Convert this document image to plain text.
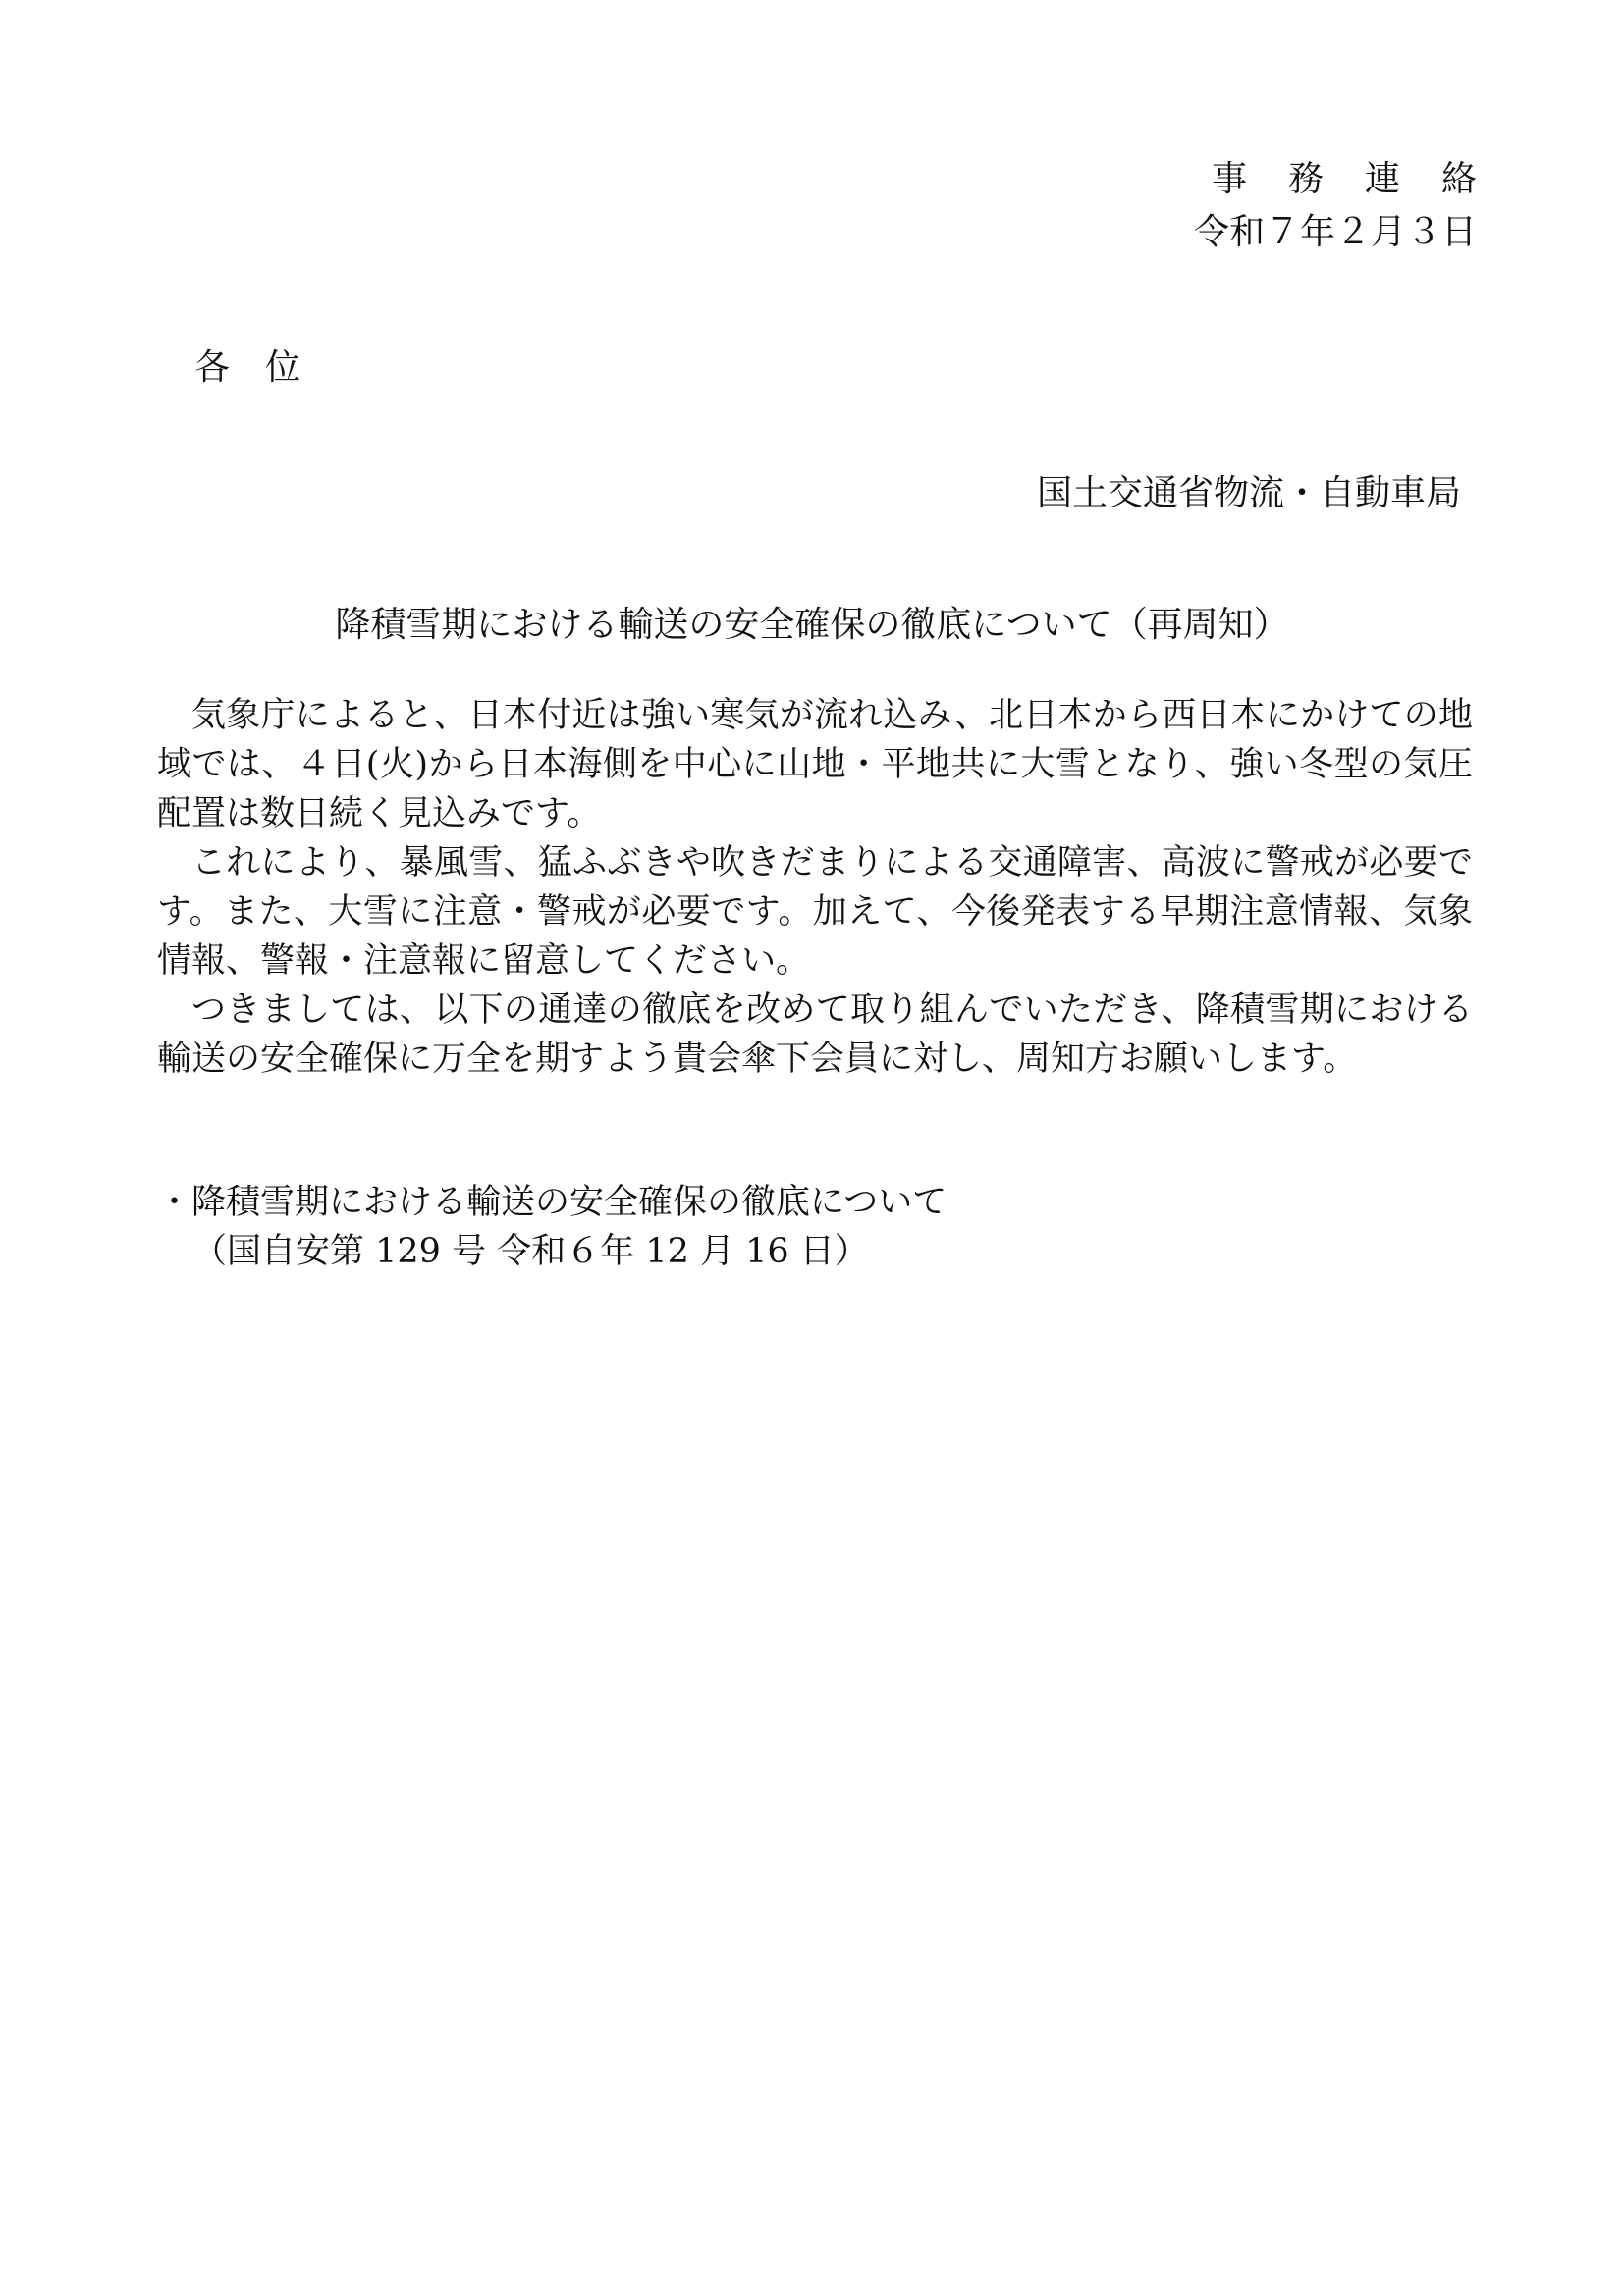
事務連絡
令和７年２月３日
各位
国土交通省物流・自動車局
降積雪期における輸送の安全確保の徹底について（再周知）

気象庁によると、日本付近は強い寒気が流れ込み、北日本から西日本にかけての地域では、４日(火)から日本海側を中心に山地・平地共に大雪となり、強い冬型の気圧配置は数日続く見込みです。

これにより、暴風雪、猛ふぶきや吹きだまりによる交通障害、高波に警戒が必要です。また、大雪に注意・警戒が必要です。加えて、今後発表する早期注意情報、気象情報、警報・注意報に留意してください。

つきましては、以下の通達の徹底を改めて取り組んでいただき、降積雪期における輸送の安全確保に万全を期すよう貴会傘下会員に対し、周知方お願いします。

・降積雪期における輸送の安全確保の徹底について
（国自安第 129 号 令和６年 12 月 16 日）
